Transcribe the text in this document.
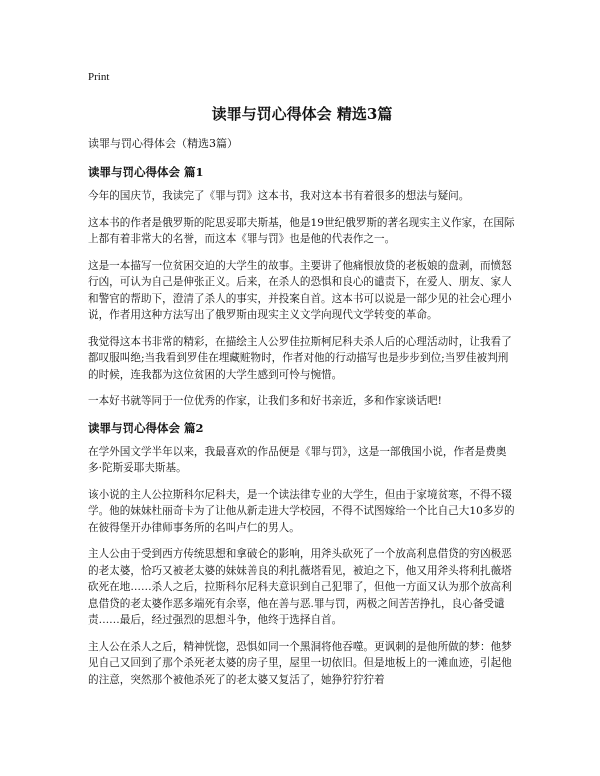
Print
读罪与罚心得体会 精选3篇
读罪与罚心得体会（精选3篇）
读罪与罚心得体会 篇1

今年的国庆节，我读完了《罪与罚》这本书，我对这本书有着很多的想法与疑问。

这本书的作者是俄罗斯的陀思妥耶夫斯基，他是19世纪俄罗斯的著名现实主义作家，在国际上都有着非常大的名誉，而这本《罪与罚》也是他的代表作之一。

这是一本描写一位贫困交迫的大学生的故事。主要讲了他痛恨放贷的老板娘的盘剥，而愤怒行凶，可认为自己是伸张正义。后来，在杀人的恐惧和良心的谴责下，在爱人、朋友、家人和警官的帮助下，澄清了杀人的事实，并投案自首。这本书可以说是一部少见的社会心理小说，作者用这种方法写出了俄罗斯由现实主义文学向现代文学转变的革命。

我觉得这本书非常的精彩，在描绘主人公罗佳拉斯柯尼科夫杀人后的心理活动时，让我看了都叹服叫绝;当我看到罗佳在埋藏赃物时，作者对他的行动描写也是步步到位;当罗佳被判刑的时候，连我都为这位贫困的大学生感到可怜与惋惜。

一本好书就等同于一位优秀的作家，让我们多和好书亲近，多和作家谈话吧!

读罪与罚心得体会 篇2

在学外国文学半年以来，我最喜欢的作品便是《罪与罚》，这是一部俄国小说，作者是费奥多·陀斯妥耶夫斯基。

该小说的主人公拉斯科尔尼科夫，是一个读法律专业的大学生，但由于家境贫寒，不得不辍学。他的妹妹杜丽奇卡为了让他从新走进大学校园，不得不试图嫁给一个比自己大10多岁的在彼得堡开办律师事务所的名叫卢仁的男人。

主人公由于受到西方传统思想和拿破仑的影响，用斧头砍死了一个放高利息借贷的穷凶极恶的老太婆，恰巧又被老太婆的妹妹善良的利扎薇塔看见，被迫之下，他又用斧头将利扎薇塔砍死在地……杀人之后，拉斯科尔尼科夫意识到自己犯罪了，但他一方面又认为那个放高利息借贷的老太婆作恶多端死有余辜，他在善与恶.罪与罚，两极之间苦苦挣扎，良心备受谴责……最后，经过强烈的思想斗争，他终于选择自首。

主人公在杀人之后，精神恍惚，恐惧如同一个黑洞将他吞噬。更讽刺的是他所做的梦：他梦见自己又回到了那个杀死老太婆的房子里，屋里一切依旧。但是地板上的一滩血迹，引起他的注意，突然那个被他杀死了的老太婆又复活了，她狰狞狞狞着
